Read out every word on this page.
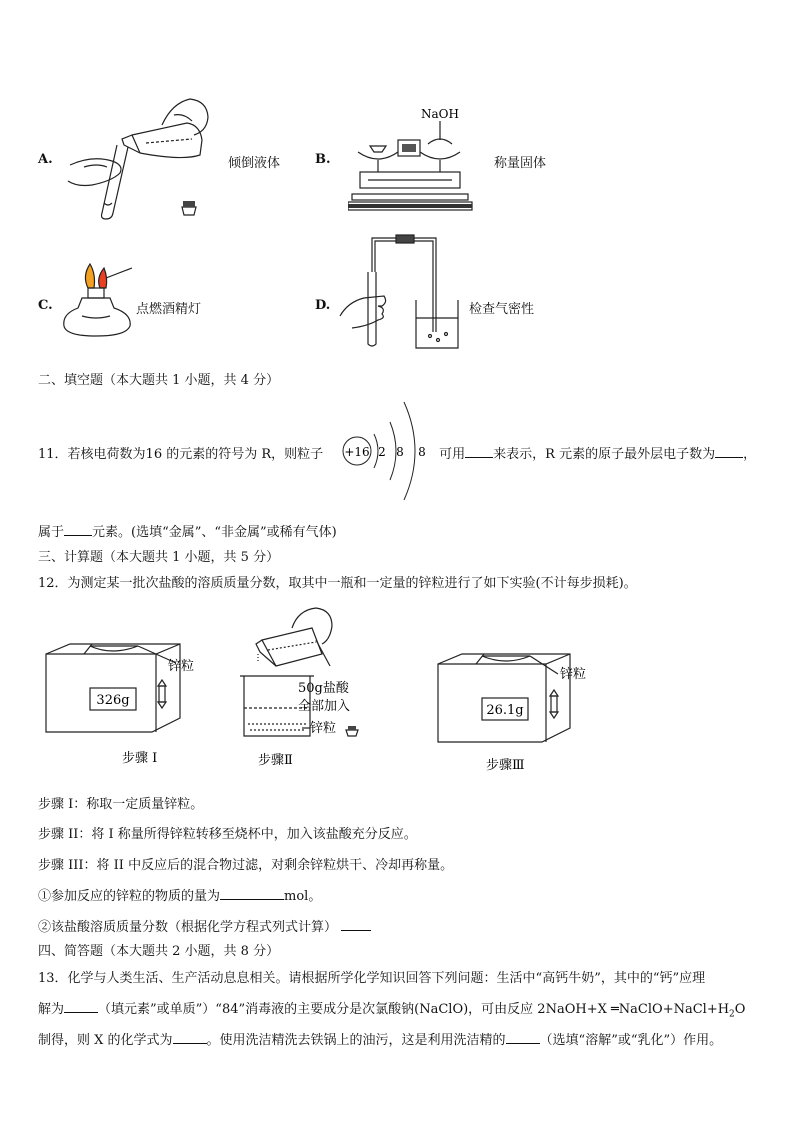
A.	倾倒液体	B.
NaOH
称量固体
C.	点燃酒精灯	D.	检查气密性
二、填空题（本大题共 1 小题，共 4 分）
11．若核电荷数为16 的元素的符号为 R，则粒子	可用 来表示，R 元素的原子最外层电子数为 ，
+16 2 8 8
属于 元素。(选填“金属”、“非金属”或稀有气体)
三、计算题（本大题共 1 小题，共 5 分）
12．为测定某一批次盐酸的溶质质量分数，取其中一瓶和一定量的锌粒进行了如下实验(不计每步损耗)。
锌粒
326g
50g盐酸
全部加入
锌粒
锌粒
26.1g
步骤 I	步骤Ⅱ	步骤Ⅲ
步骤 I：称取一定质量锌粒。
步骤 II：将 I 称量所得锌粒转移至烧杯中，加入该盐酸充分反应。
步骤 III：将 II 中反应后的混合物过滤，对剩余锌粒烘干、冷却再称量。
①参加反应的锌粒的物质的量为	mol。
②该盐酸溶质质量分数（根据化学方程式列式计算）
四、简答题（本大题共 2 小题，共 8 分）
13．化学与人类生活、生产活动息息相关。请根据所学化学知识回答下列问题：生活中“高钙牛奶”，其中的“钙”应理
解为	（填元素”或单质”）“84”消毒液的主要成分是次氯酸钠(NaClO)，可由反应 2NaOH+X $═NaClO+NaCl+H_2O$
制得，则 X 的化学式为	。使用洗洁精洗去铁锅上的油污，这是利用洗洁精的	（选填“溶解”或“乳化”）作用。
